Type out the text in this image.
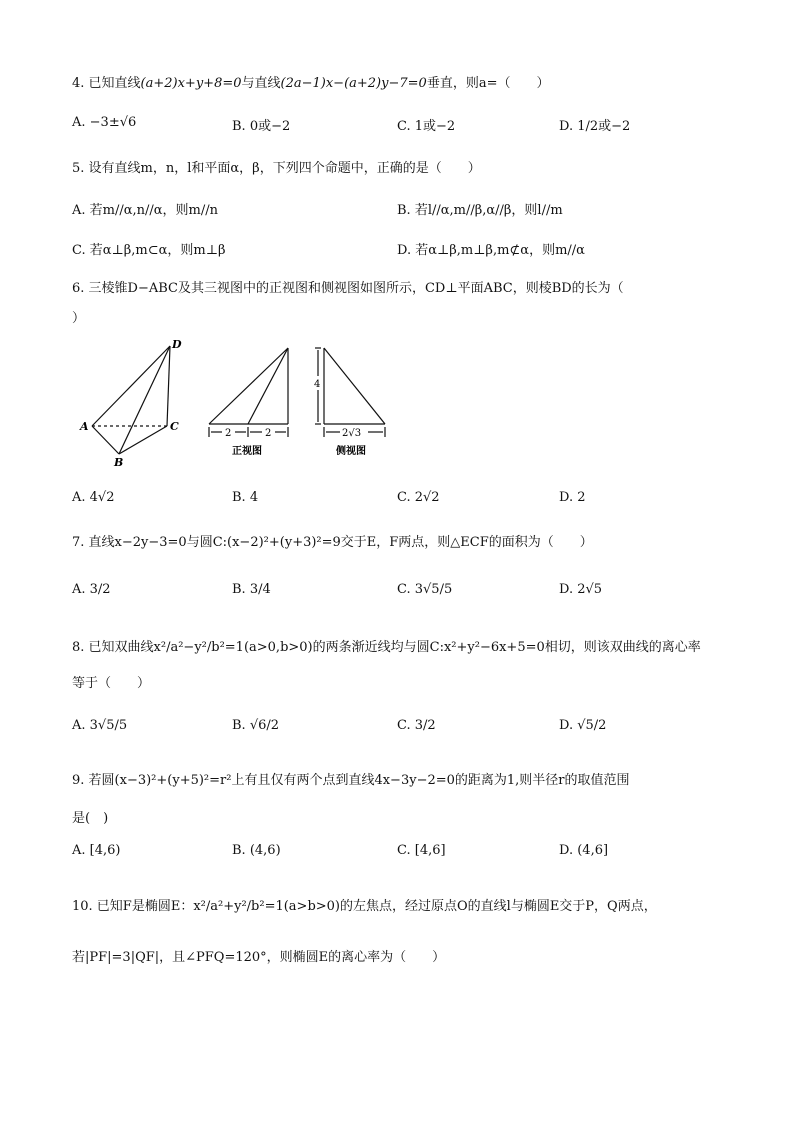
4. 已知直线(a+2)x+y+8=0与直线(2a−1)x−(a+2)y−7=0垂直，则a=（　　）
A. −3±√6	B. 0或−2	C. 1或−2	D. 1/2或−2
5. 设有直线m，n，l和平面α，β，下列四个命题中，正确的是（　　）
A. 若m//α,n//α，则m//n	B. 若l//α,m//β,α//β，则l//m
C. 若α⊥β,m⊂α，则m⊥β	D. 若α⊥β,m⊥β,m⊄α，则m//α
6. 三棱锥D−ABC及其三视图中的正视图和侧视图如图所示，CD⊥平面ABC，则棱BD的长为（
）
D
A	C
B
2	2
正视图
4
2√3
侧视图
A. 4√2	B. 4	C. 2√2	D. 2
7. 直线x−2y−3=0与圆C:(x−2)²+(y+3)²=9交于E，F两点，则△ECF的面积为（　　）
A. 3/2	B. 3/4	C. 3√5/5	D. 2√5
8. 已知双曲线x²/a²−y²/b²=1(a>0,b>0)的两条渐近线均与圆C:x²+y²−6x+5=0相切，则该双曲线的离心率
等于（　　）
A. 3√5/5	B. √6/2	C. 3/2	D. √5/2
9. 若圆(x−3)²+(y+5)²=r²上有且仅有两个点到直线4x−3y−2=0的距离为1,则半径r的取值范围
是(　)
A. [4,6)	B. (4,6)	C. [4,6]	D. (4,6]
10. 已知F是椭圆E：x²/a²+y²/b²=1(a>b>0)的左焦点，经过原点O的直线l与椭圆E交于P，Q两点，
若|PF|=3|QF|，且∠PFQ=120°，则椭圆E的离心率为（　　）
